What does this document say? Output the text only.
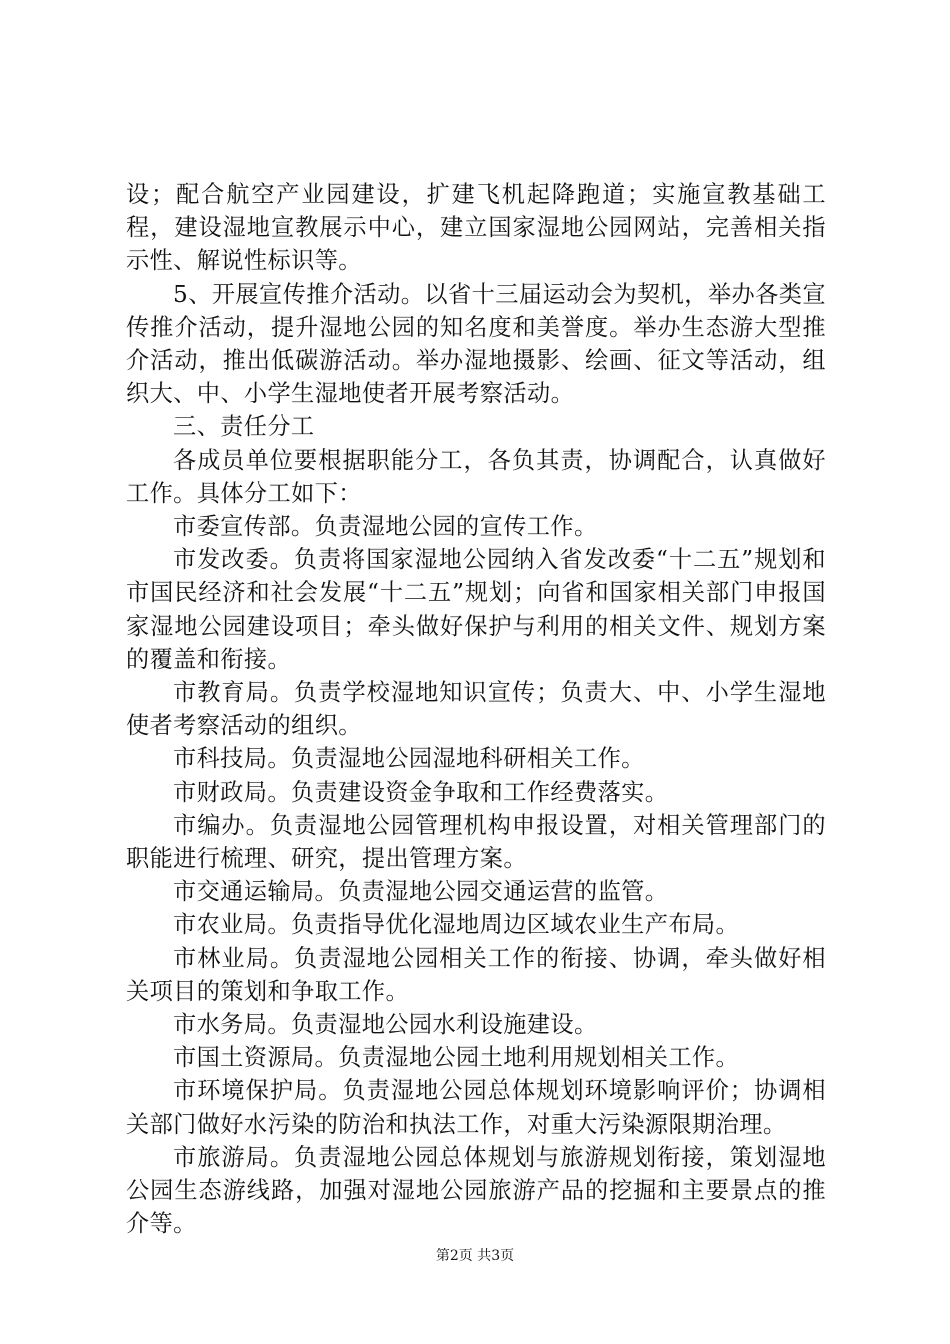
设；配合航空产业园建设，扩建飞机起降跑道；实施宣教基础工程，建设湿地宣教展示中心，建立国家湿地公园网站，完善相关指示性、解说性标识等。

5、开展宣传推介活动。以省十三届运动会为契机，举办各类宣传推介活动，提升湿地公园的知名度和美誉度。举办生态游大型推介活动，推出低碳游活动。举办湿地摄影、绘画、征文等活动，组织大、中、小学生湿地使者开展考察活动。

三、责任分工

各成员单位要根据职能分工，各负其责，协调配合，认真做好工作。具体分工如下：

市委宣传部。负责湿地公园的宣传工作。

市发改委。负责将国家湿地公园纳入省发改委“十二五”规划和市国民经济和社会发展“十二五”规划；向省和国家相关部门申报国家湿地公园建设项目；牵头做好保护与利用的相关文件、规划方案的覆盖和衔接。

市教育局。负责学校湿地知识宣传；负责大、中、小学生湿地使者考察活动的组织。

市科技局。负责湿地公园湿地科研相关工作。

市财政局。负责建设资金争取和工作经费落实。

市编办。负责湿地公园管理机构申报设置，对相关管理部门的职能进行梳理、研究，提出管理方案。

市交通运输局。负责湿地公园交通运营的监管。

市农业局。负责指导优化湿地周边区域农业生产布局。

市林业局。负责湿地公园相关工作的衔接、协调，牵头做好相关项目的策划和争取工作。

市水务局。负责湿地公园水利设施建设。

市国土资源局。负责湿地公园土地利用规划相关工作。

市环境保护局。负责湿地公园总体规划环境影响评价；协调相关部门做好水污染的防治和执法工作，对重大污染源限期治理。

市旅游局。负责湿地公园总体规划与旅游规划衔接，策划湿地公园生态游线路，加强对湿地公园旅游产品的挖掘和主要景点的推介等。

第2页 共3页
